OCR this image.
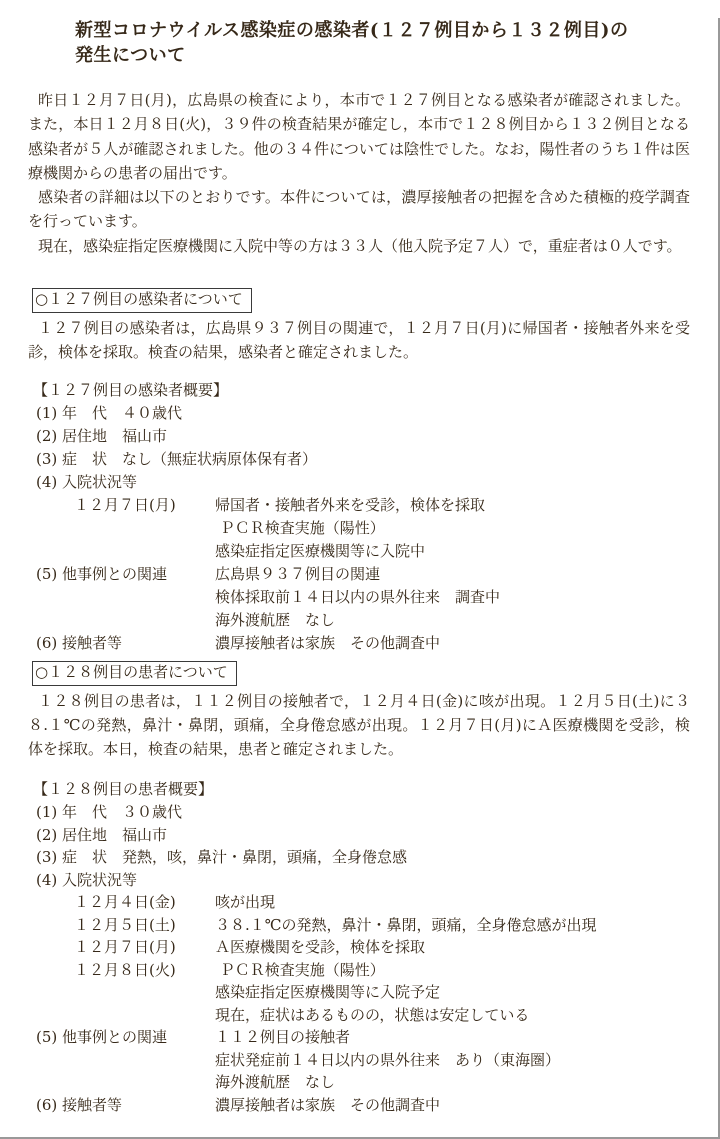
新型コロナウイルス感染症の感染者(１２７例目から１３２例目)の
発生について

昨日１２月７日(月)，広島県の検査により，本市で１２７例目となる感染者が確認されました。また，本日１２月８日(火)，３９件の検査結果が確定し，本市で１２８例目から１３２例目となる感染者が５人が確認されました。他の３４件については陰性でした。なお，陽性者のうち１件は医療機関からの患者の届出です。

感染者の詳細は以下のとおりです。本件については，濃厚接触者の把握を含めた積極的疫学調査を行っています。

現在，感染症指定医療機関に入院中等の方は３３人（他入院予定７人）で，重症者は０人です。

○１２７例目の感染者について

１２７例目の感染者は，広島県９３７例目の関連で，１２月７日(月)に帰国者・接触者外来を受診，検体を採取。検査の結果，感染者と確定されました。

【１２７例目の感染者概要】
(1) 年　代　４０歳代
(2) 居住地　福山市
(3) 症　状　なし（無症状病原体保有者）
(4) 入院状況等
１２月７日(月)	帰国者・接触者外来を受診，検体を採取
ＰＣＲ検査実施（陽性）
感染症指定医療機関等に入院中
(5) 他事例との関連	広島県９３７例目の関連
検体採取前１４日以内の県外往来　調査中
海外渡航歴　なし
(6) 接触者等	濃厚接触者は家族　その他調査中
○１２８例目の患者について

１２８例目の患者は，１１２例目の接触者で，１２月４日(金)に咳が出現。１２月５日(土)に３８.１℃の発熱，鼻汁・鼻閉，頭痛，全身倦怠感が出現。１２月７日(月)にＡ医療機関を受診，検体を採取。本日，検査の結果，患者と確定されました。

【１２８例目の患者概要】
(1) 年　代　３０歳代
(2) 居住地　福山市
(3) 症　状　発熱，咳，鼻汁・鼻閉，頭痛，全身倦怠感
(4) 入院状況等
１２月４日(金)	咳が出現
１２月５日(土)	３８.１℃の発熱，鼻汁・鼻閉，頭痛，全身倦怠感が出現
１２月７日(月)	Ａ医療機関を受診，検体を採取
１２月８日(火)	ＰＣＲ検査実施（陽性）
感染症指定医療機関等に入院予定
現在，症状はあるものの，状態は安定している
(5) 他事例との関連	１１２例目の接触者
症状発症前１４日以内の県外往来　あり（東海圏）
海外渡航歴　なし
(6) 接触者等	濃厚接触者は家族　その他調査中
